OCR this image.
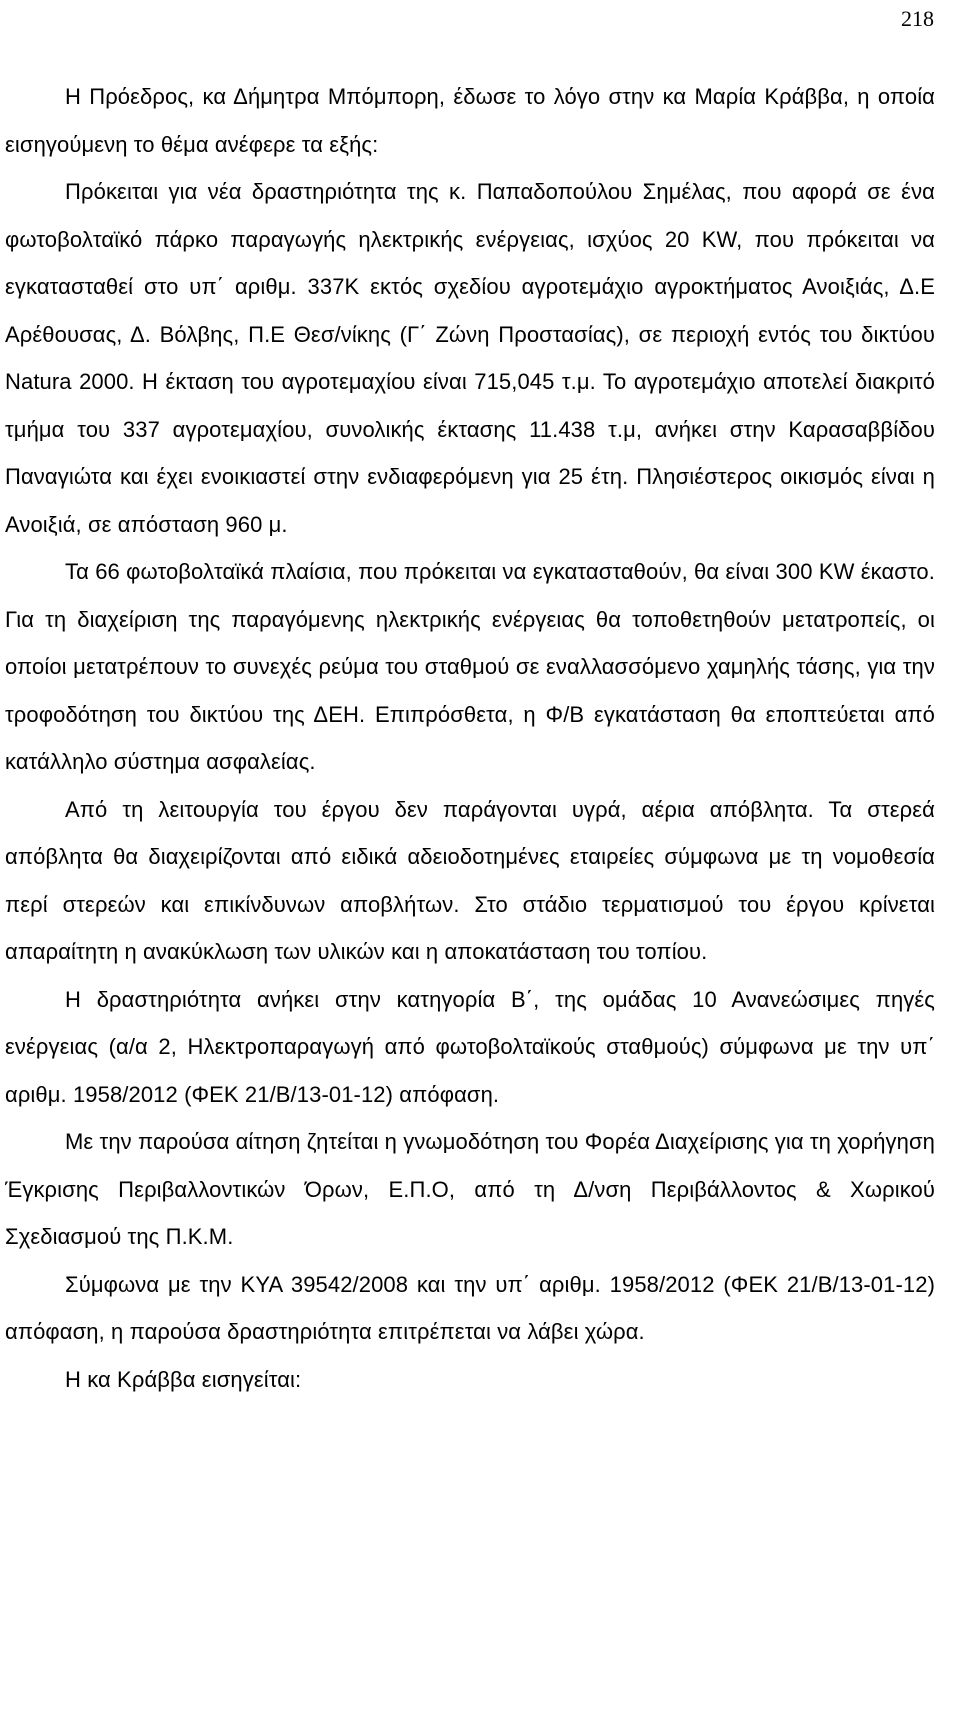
218

Η Πρόεδρος, κα Δήμητρα Μπόμπορη, έδωσε το λόγο στην κα Μαρία Κράββα, η οποία εισηγούμενη το θέμα ανέφερε τα εξής:

Πρόκειται για νέα δραστηριότητα της κ. Παπαδοπούλου Σημέλας, που αφορά σε ένα φωτοβολταϊκό πάρκο παραγωγής ηλεκτρικής ενέργειας, ισχύος 20 KW, που πρόκειται να εγκατασταθεί στο υπ΄ αριθμ. 337Κ εκτός σχεδίου αγροτεμάχιο αγροκτήματος Ανοιξιάς, Δ.Ε Αρέθουσας, Δ. Βόλβης, Π.Ε Θεσ/νίκης (Γ΄ Ζώνη Προστασίας), σε περιοχή εντός του δικτύου Natura 2000. Η έκταση του αγροτεμαχίου είναι 715,045 τ.μ. Το αγροτεμάχιο αποτελεί διακριτό τμήμα του 337 αγροτεμαχίου, συνολικής έκτασης 11.438 τ.μ, ανήκει στην Καρασαββίδου Παναγιώτα και έχει ενοικιαστεί στην ενδιαφερόμενη για 25 έτη. Πλησιέστερος οικισμός είναι η Ανοιξιά, σε απόσταση 960 μ.

Τα 66 φωτοβολταϊκά πλαίσια, που πρόκειται να εγκατασταθούν, θα είναι 300 KW έκαστο. Για τη διαχείριση της παραγόμενης ηλεκτρικής ενέργειας θα τοποθετηθούν μετατροπείς, οι οποίοι μετατρέπουν το συνεχές ρεύμα του σταθμού σε εναλλασσόμενο χαμηλής τάσης, για την τροφοδότηση του δικτύου της ΔΕΗ. Επιπρόσθετα, η Φ/Β εγκατάσταση θα εποπτεύεται από κατάλληλο σύστημα ασφαλείας.

Από τη λειτουργία του έργου δεν παράγονται υγρά, αέρια απόβλητα. Τα στερεά απόβλητα θα διαχειρίζονται από ειδικά αδειοδοτημένες εταιρείες σύμφωνα με τη νομοθεσία περί στερεών και επικίνδυνων αποβλήτων. Στο στάδιο τερματισμού του έργου κρίνεται απαραίτητη η ανακύκλωση των υλικών και η αποκατάσταση του τοπίου.

Η δραστηριότητα ανήκει στην κατηγορία Β΄, της ομάδας 10 Ανανεώσιμες πηγές ενέργειας (α/α 2, Ηλεκτροπαραγωγή από φωτοβολταϊκούς σταθμούς) σύμφωνα με την υπ΄ αριθμ. 1958/2012 (ΦΕΚ 21/Β/13-01-12) απόφαση.

Με την παρούσα αίτηση ζητείται η γνωμοδότηση του Φορέα Διαχείρισης για τη χορήγηση Έγκρισης Περιβαλλοντικών Όρων, Ε.Π.Ο, από τη Δ/νση Περιβάλλοντος & Χωρικού Σχεδιασμού της Π.Κ.Μ.

Σύμφωνα με την ΚΥΑ 39542/2008 και την υπ΄ αριθμ. 1958/2012 (ΦΕΚ 21/Β/13-01-12) απόφαση, η παρούσα δραστηριότητα επιτρέπεται να λάβει χώρα.

Η κα Κράββα εισηγείται:
